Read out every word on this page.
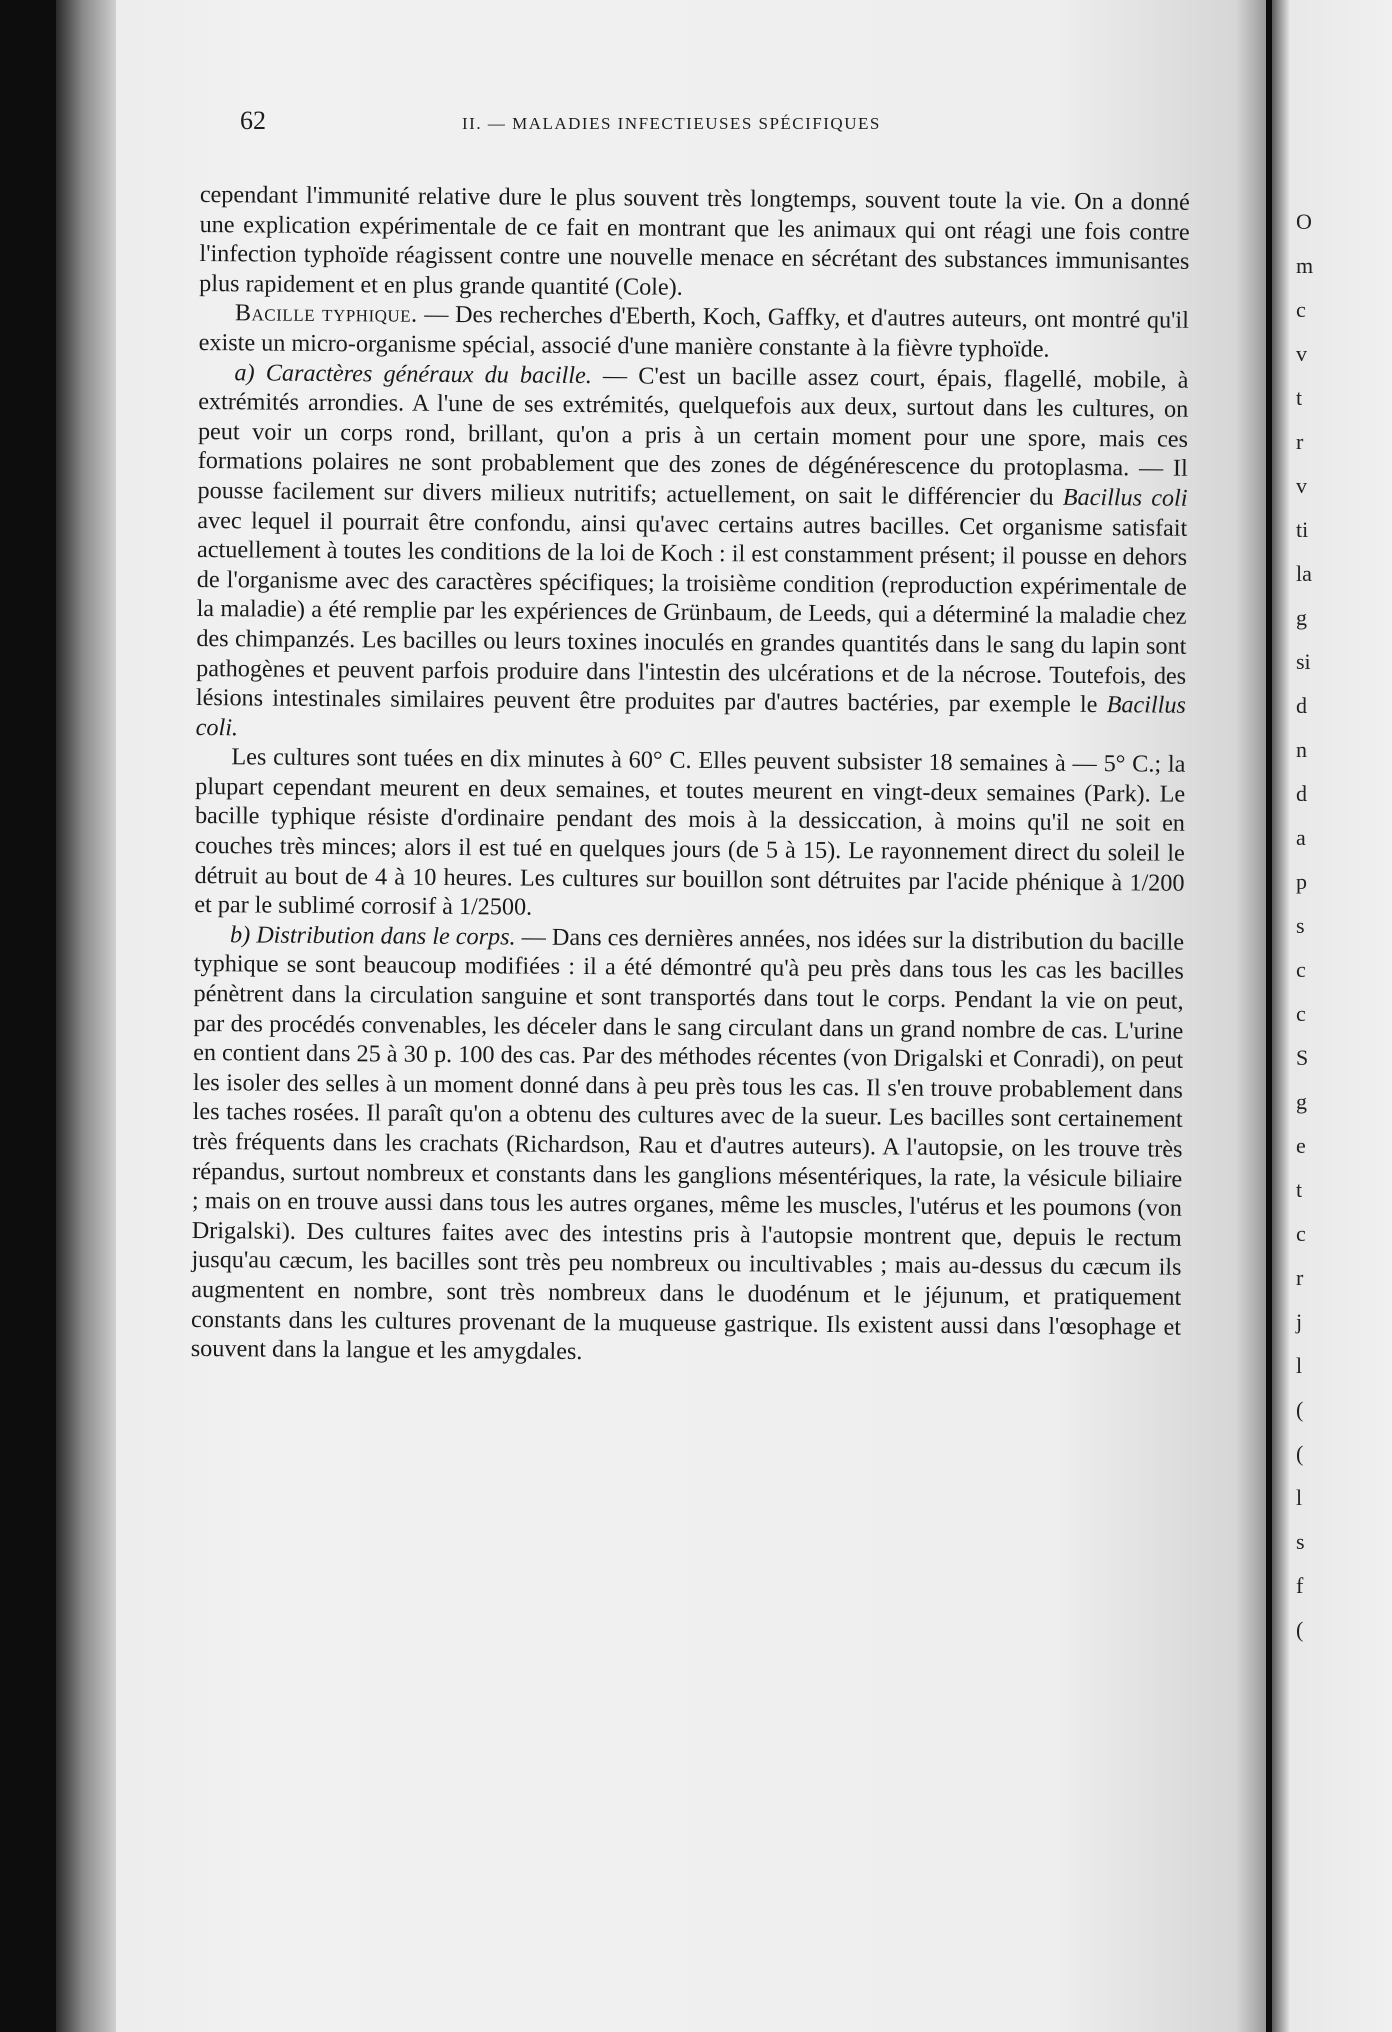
O
m
c
v
t
r
v
ti
la
g
si
d
n
d
a
p
s
c
c
S
g
e
t
c
r
j
l
(
(
l
s
f
(
62	II. — MALADIES INFECTIEUSES SPÉCIFIQUES

cependant l'immunité relative dure le plus souvent très longtemps, souvent toute la vie. On a donné une explication expérimentale de ce fait en montrant que les animaux qui ont réagi une fois contre l'infection typhoïde réagissent contre une nouvelle menace en sécrétant des substances immunisantes plus rapidement et en plus grande quantité (Cole).

Bacille typhique. — Des recherches d'Eberth, Koch, Gaffky, et d'autres auteurs, ont montré qu'il existe un micro-organisme spécial, associé d'une manière constante à la fièvre typhoïde.

a) Caractères généraux du bacille. — C'est un bacille assez court, épais, flagellé, mobile, à extrémités arrondies. A l'une de ses extrémités, quelquefois aux deux, surtout dans les cultures, on peut voir un corps rond, brillant, qu'on a pris à un certain moment pour une spore, mais ces formations polaires ne sont probablement que des zones de dégénérescence du protoplasma. — Il pousse facilement sur divers milieux nutritifs; actuellement, on sait le différencier du Bacillus coli avec lequel il pourrait être confondu, ainsi qu'avec certains autres bacilles. Cet organisme satisfait actuellement à toutes les conditions de la loi de Koch : il est constamment présent; il pousse en dehors de l'organisme avec des caractères spécifiques; la troisième condition (reproduction expérimentale de la maladie) a été remplie par les expériences de Grünbaum, de Leeds, qui a déterminé la maladie chez des chimpanzés. Les bacilles ou leurs toxines inoculés en grandes quantités dans le sang du lapin sont pathogènes et peuvent parfois produire dans l'intestin des ulcérations et de la nécrose. Toutefois, des lésions intestinales similaires peuvent être produites par d'autres bactéries, par exemple le Bacillus coli.

Les cultures sont tuées en dix minutes à 60° C. Elles peuvent subsister 18 semaines à — 5° C.; la plupart cependant meurent en deux semaines, et toutes meurent en vingt-deux semaines (Park). Le bacille typhique résiste d'ordinaire pendant des mois à la dessiccation, à moins qu'il ne soit en couches très minces; alors il est tué en quelques jours (de 5 à 15). Le rayonnement direct du soleil le détruit au bout de 4 à 10 heures. Les cultures sur bouillon sont détruites par l'acide phénique à 1/200 et par le sublimé corrosif à 1/2500.

b) Distribution dans le corps. — Dans ces dernières années, nos idées sur la distribution du bacille typhique se sont beaucoup modifiées : il a été démontré qu'à peu près dans tous les cas les bacilles pénètrent dans la circulation sanguine et sont transportés dans tout le corps. Pendant la vie on peut, par des procédés convenables, les déceler dans le sang circulant dans un grand nombre de cas. L'urine en contient dans 25 à 30 p. 100 des cas. Par des méthodes récentes (von Drigalski et Conradi), on peut les isoler des selles à un moment donné dans à peu près tous les cas. Il s'en trouve probablement dans les taches rosées. Il paraît qu'on a obtenu des cultures avec de la sueur. Les bacilles sont certainement très fréquents dans les crachats (Richardson, Rau et d'autres auteurs). A l'autopsie, on les trouve très répandus, surtout nombreux et constants dans les ganglions mésentériques, la rate, la vésicule biliaire ; mais on en trouve aussi dans tous les autres organes, même les muscles, l'utérus et les poumons (von Drigalski). Des cultures faites avec des intestins pris à l'autopsie montrent que, depuis le rectum jusqu'au cæcum, les bacilles sont très peu nombreux ou incultivables ; mais au-dessus du cæcum ils augmentent en nombre, sont très nombreux dans le duodénum et le jéjunum, et pratiquement constants dans les cultures provenant de la muqueuse gastrique. Ils existent aussi dans l'œsophage et souvent dans la langue et les amygdales.
